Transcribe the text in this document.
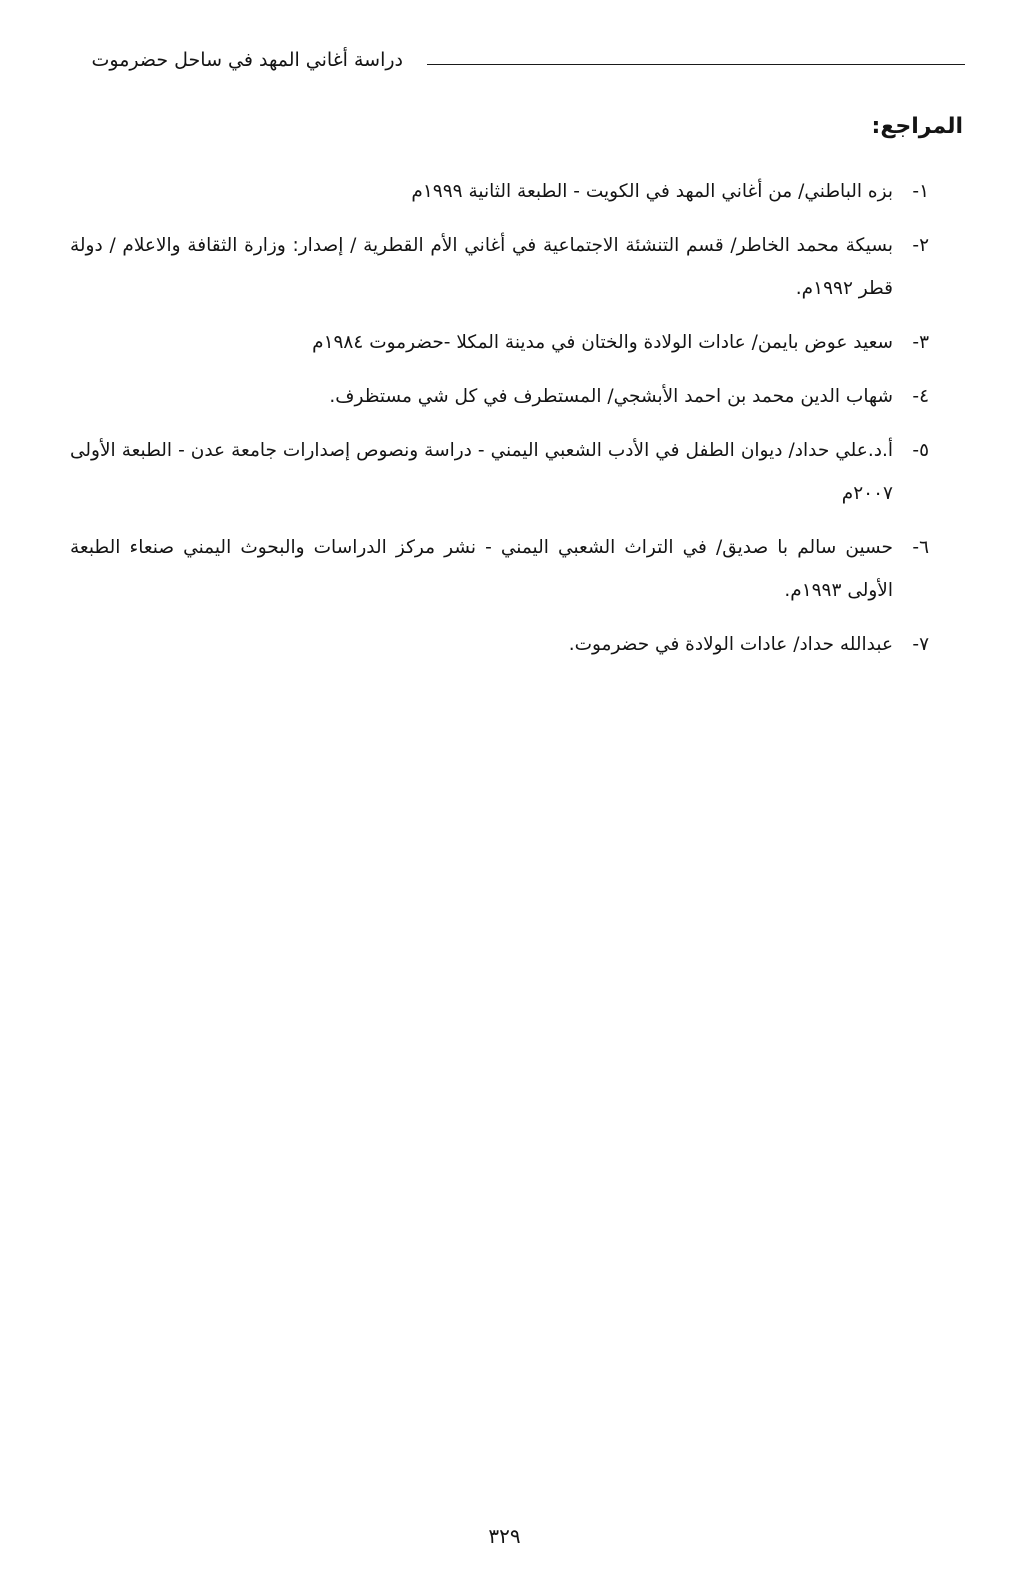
دراسة أغاني المهد في ساحل حضرموت
المراجع:
١-
بزه الباطني/ من أغاني المهد في الكويت - الطبعة الثانية ١٩٩٩م
٢-
بسيكة محمد الخاطر/ قسم التنشئة الاجتماعية في أغاني الأم القطرية / إصدار: وزارة الثقافة والاعلام / دولة قطر ١٩٩٢م.
٣-
سعيد عوض بايمن/ عادات الولادة والختان في مدينة المكلا -حضرموت ١٩٨٤م
٤-
شهاب الدين محمد بن احمد الأبشجي/ المستطرف في كل شي مستظرف.
٥-
أ.د.علي حداد/ ديوان الطفل في الأدب الشعبي اليمني - دراسة ونصوص إصدارات جامعة عدن - الطبعة الأولى ٢٠٠٧م
٦-
حسين سالم با صديق/ في التراث الشعبي اليمني - نشر مركز الدراسات والبحوث اليمني صنعاء الطبعة الأولى ١٩٩٣م.
٧-
عبدالله حداد/ عادات الولادة في حضرموت.
٣٢٩
